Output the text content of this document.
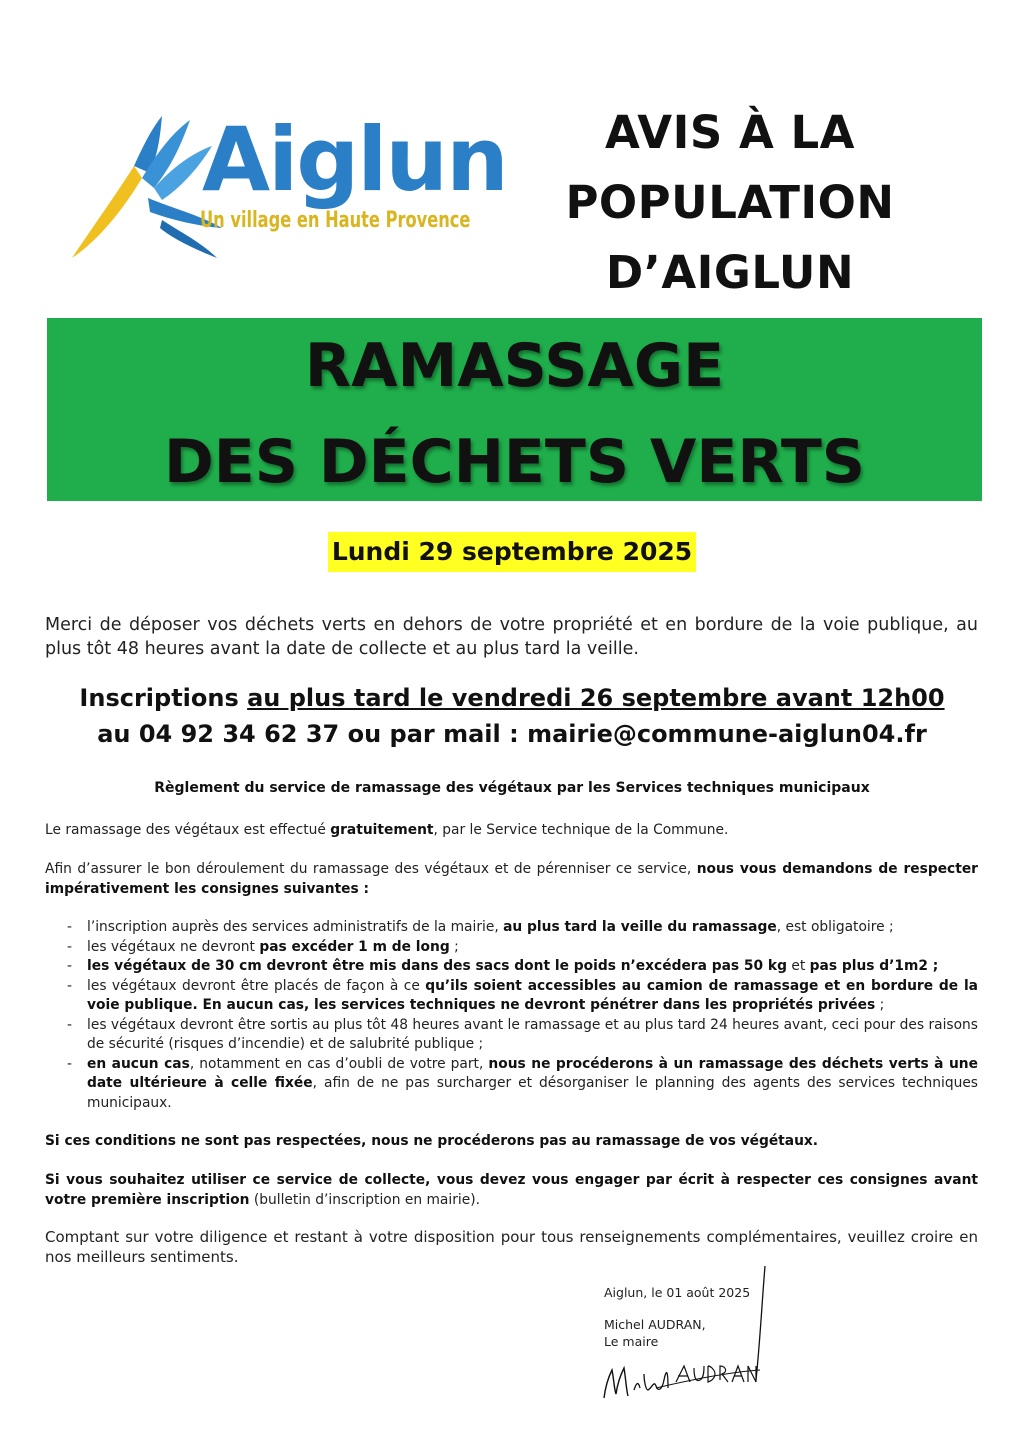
Aiglun
Un village en Haute Provence
AVIS À LA
POPULATION
D’AIGLUN
RAMASSAGE
DES DÉCHETS VERTS
Lundi 29 septembre 2025
Merci de déposer vos déchets verts en dehors de votre propriété et en bordure de la voie publique, au plus tôt 48 heures avant la date de collecte et au plus tard la veille.
Inscriptions au plus tard le vendredi 26 septembre avant 12h00
au 04 92 34 62 37 ou par mail : mairie@commune-aiglun04.fr
Règlement du service de ramassage des végétaux par les Services techniques municipaux
Le ramassage des végétaux est effectué gratuitement, par le Service technique de la Commune.
Afin d’assurer le bon déroulement du ramassage des végétaux et de pérenniser ce service, nous vous demandons de respecter impérativement les consignes suivantes :
- l’inscription auprès des services administratifs de la mairie, au plus tard la veille du ramassage, est obligatoire ;
- les végétaux ne devront pas excéder 1 m de long ;
- les végétaux de 30 cm devront être mis dans des sacs dont le poids n’excédera pas 50 kg et pas plus d’1m2 ;
- les végétaux devront être placés de façon à ce qu’ils soient accessibles au camion de ramassage et en bordure de la voie publique. En aucun cas, les services techniques ne devront pénétrer dans les propriétés privées ;
- les végétaux devront être sortis au plus tôt 48 heures avant le ramassage et au plus tard 24 heures avant, ceci pour des raisons de sécurité (risques d’incendie) et de salubrité publique ;
- en aucun cas, notamment en cas d’oubli de votre part, nous ne procéderons à un ramassage des déchets verts à une date ultérieure à celle fixée, afin de ne pas surcharger et désorganiser le planning des agents des services techniques municipaux.
Si ces conditions ne sont pas respectées, nous ne procéderons pas au ramassage de vos végétaux.
Si vous souhaitez utiliser ce service de collecte, vous devez vous engager par écrit à respecter ces consignes avant votre première inscription (bulletin d’inscription en mairie).
Comptant sur votre diligence et restant à votre disposition pour tous renseignements complémentaires, veuillez croire en nos meilleurs sentiments.
Aiglun, le 01 août 2025
Michel AUDRAN,
Le maire
